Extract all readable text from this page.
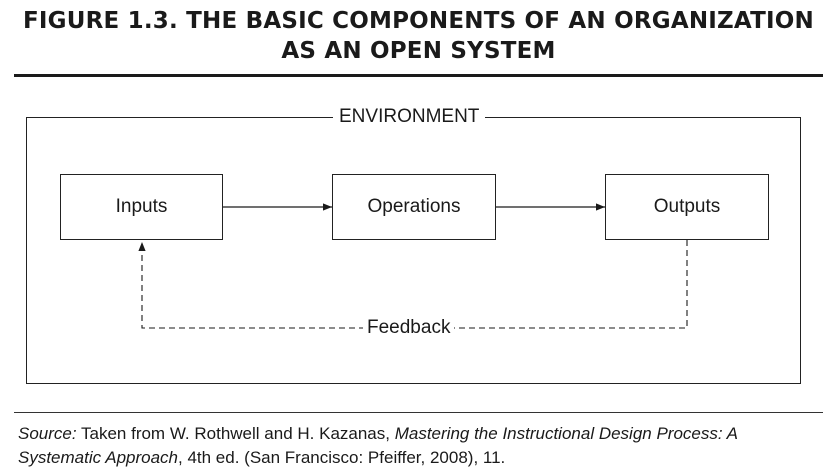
FIGURE 1.3. THE BASIC COMPONENTS OF AN ORGANIZATION
AS AN OPEN SYSTEM
ENVIRONMENT
Inputs	Operations	Outputs
Feedback
Source: Taken from W. Rothwell and H. Kazanas, Mastering the Instructional Design Process: A Systematic Approach, 4th ed. (San Francisco: Pfeiffer, 2008), 11.
